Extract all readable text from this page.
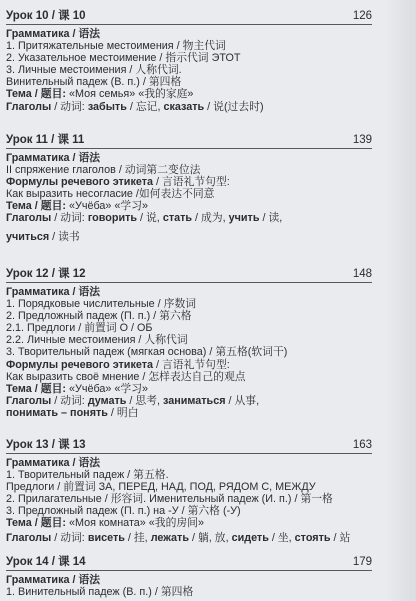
Урок 10 / 课 10	126
Грамматика / 语法
1. Притяжательные местоимения / 物主代词
2. Указательное местоимение / 指示代词 ЭТОТ
3. Личные местоимения / 人称代词.
Винительный падеж (В. п.) / 第四格
Тема / 题目: «Моя семья» «我的家庭»
Глаголы / 动词: забыть / 忘记, сказать / 说(过去时)
Урок 11 / 课 11	139
Грамматика / 语法
II спряжение глаголов / 动词第二变位法
Формулы речевого этикета / 言语礼节句型:
Как выразить несогласие /如何表达不同意
Тема / 题目: «Учёба» «学习»
Глаголы / 动词: говорить / 说, стать / 成为, учить / 读,
учиться / 读书
Урок 12 / 课 12	148
Грамматика / 语法
1. Порядковые числительные / 序数词
2. Предложный падеж (П. п.) / 第六格
2.1. Предлоги / 前置词 О / ОБ
2.2. Личные местоимения / 人称代词
3. Творительный падеж (мягкая основа) / 第五格(软词干)
Формулы речевого этикета / 言语礼节句型:
Как выразить своё мнение / 怎样表达自己的观点
Тема / 题目: «Учёба» «学习»
Глаголы / 动词: думать / 思考, заниматься / 从事,
понимать – понять / 明白
Урок 13 / 课 13	163
Грамматика / 语法
1. Творительный падеж / 第五格.
Предлоги / 前置词 ЗА, ПЕРЕД, НАД, ПОД, РЯДОМ С, МЕЖДУ
2. Прилагательные / 形容词. Именительный падеж (И. п.) / 第一格
3. Предложный падеж (П. п.) на -У / 第六格 (-У)
Тема / 题目: «Моя комната» «我的房间»
Глаголы / 动词: висеть / 挂, лежать / 躺, 放, сидеть / 坐, стоять / 站
Урок 14 / 课 14	179
Грамматика / 语法
1. Винительный падеж (В. п.) / 第四格
